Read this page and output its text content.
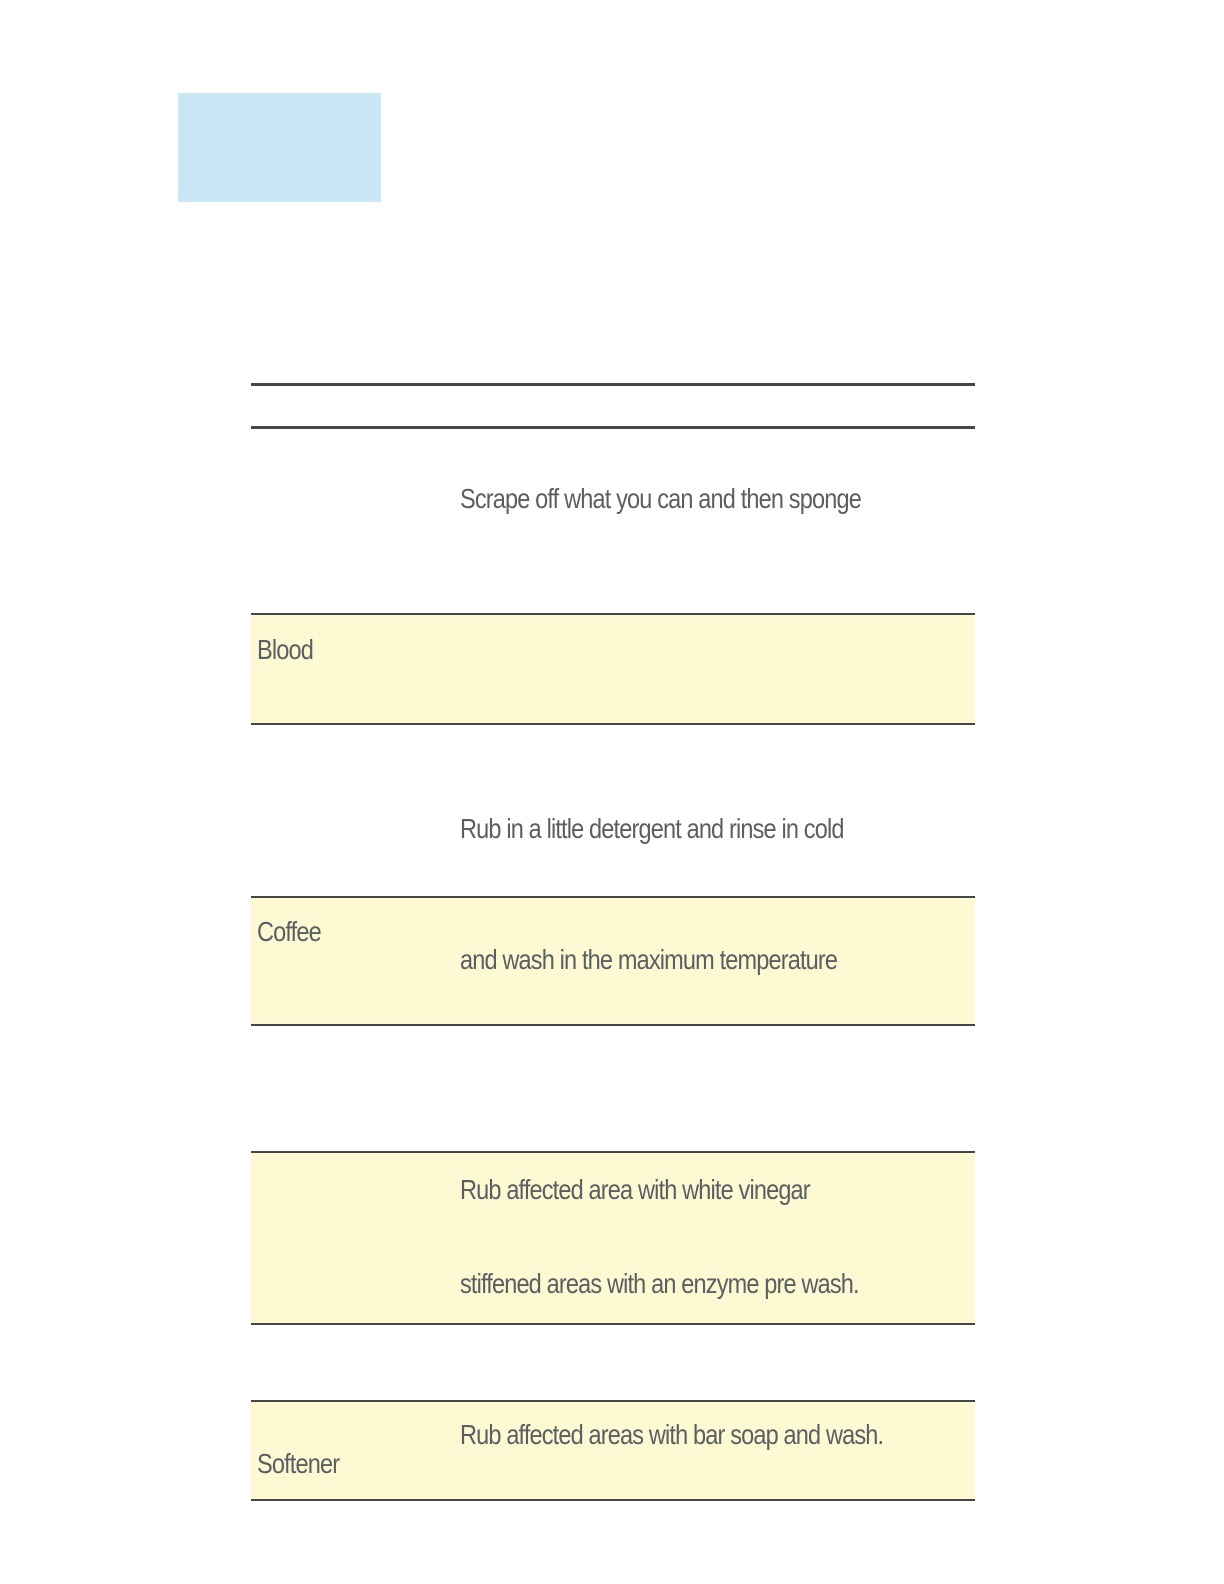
Scrape off what you can and then sponge
Blood
Rub in a little detergent and rinse in cold
Coffee
and wash in the maximum temperature
Rub affected area with white vinegar
stiffened areas with an enzyme pre wash.
Rub affected areas with bar soap and wash.
Softener
